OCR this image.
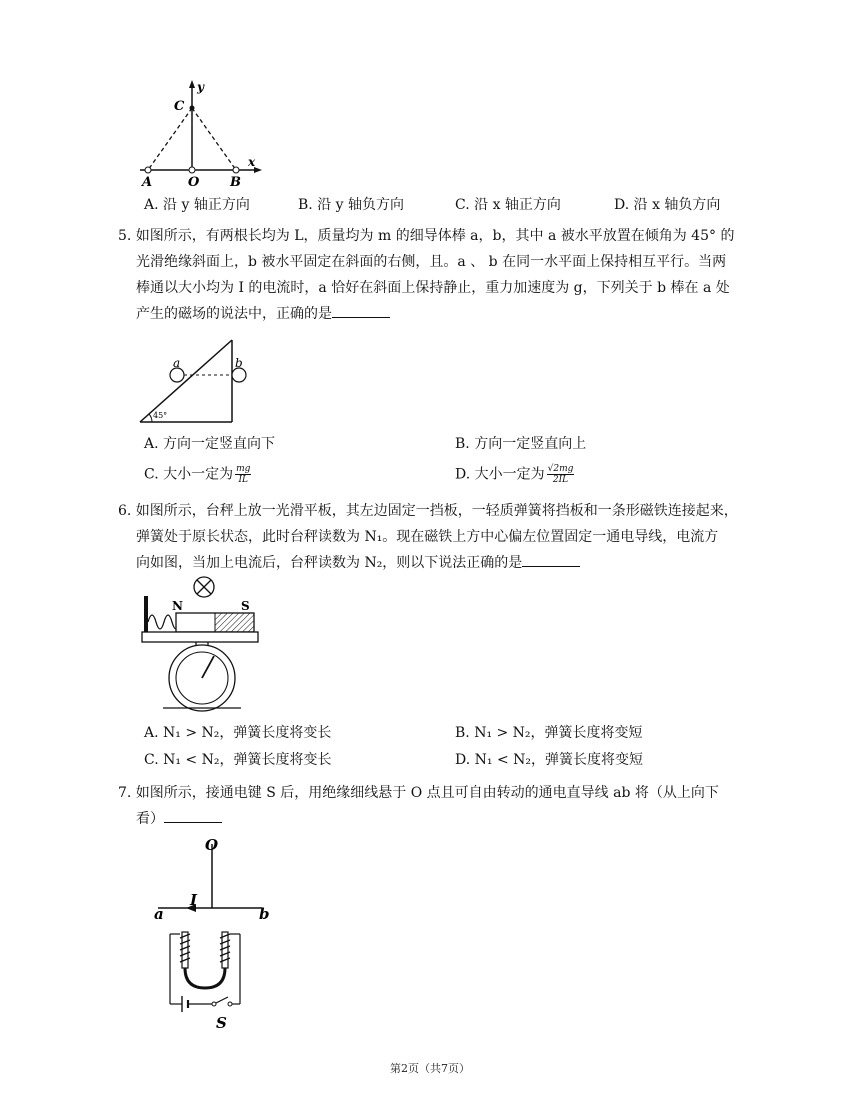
C
y
x
A	O B
A. 沿 y 轴正方向	B. 沿 y 轴负方向	C. 沿 x 轴正方向	D. 沿 x 轴负方向
5. 如图所示，有两根长均为 L，质量均为 m 的细导体棒 a，b，其中 a 被水平放置在倾角为 45° 的
光滑绝缘斜面上，b 被水平固定在斜面的右侧，且。a 、 b 在同一水平面上保持相互平行。当两
棒通以大小均为 I 的电流时，a 恰好在斜面上保持静止，重力加速度为 g，下列关于 b 棒在 a 处
产生的磁场的说法中，正确的是
a	b
45°
A. 方向一定竖直向下	B. 方向一定竖直向上
C. 大小一定为 $\frac{mg}{IL}$	D. 大小一定为 $\frac{√2mg}{2IL}$
6. 如图所示，台秤上放一光滑平板，其左边固定一挡板，一轻质弹簧将挡板和一条形磁铁连接起来，
弹簧处于原长状态，此时台秤读数为 N₁。现在磁铁上方中心偏左位置固定一通电导线，电流方
向如图，当加上电流后，台秤读数为 N₂，则以下说法正确的是
N	S
A. N₁ > N₂，弹簧长度将变长	B. N₁ > N₂，弹簧长度将变短
C. N₁ < N₂，弹簧长度将变长	D. N₁ < N₂，弹簧长度将变短
7. 如图所示，接通电键 S 后，用绝缘细线悬于 O 点且可自由转动的通电直导线 ab 将（从上向下
看）
O
a
I
b
S
第2页（共7页）
